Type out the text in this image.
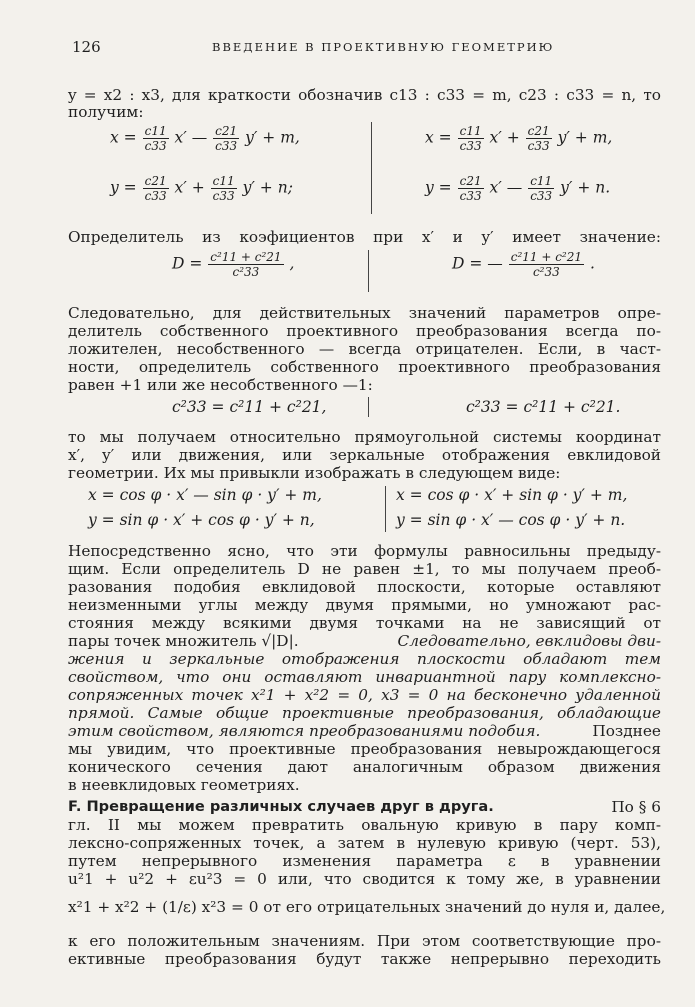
126	ВВЕДЕНИЕ В ПРОЕКТИВНУЮ ГЕОМЕТРИЮ
y = x2 : x3, для краткости обозначив c13 : c33 = m, c23 : c33 = n, то
получим:
$x = \frac{c11}{c33} x'$ — $\frac{c21}{c33} y' + m$,
$y = \frac{c21}{c33} x' + \frac{c11}{c33} y' + n$;
$x = \frac{c11}{c33} x' + \frac{c21}{c33} y' + m$,
$y = \frac{c21}{c33} x'$ — $\frac{c11}{c33} y' + n$.
Определитель из коэфициентов при x′ и y′ имеет значение:
$D = \frac{\text{c²11 + c²21}}{\text{c²33}}$ ,	D = — $\frac{\text{c²11 + c²21}}{\text{c²33}}$ .
Следовательно, для действительных значений параметров опре-
делитель собственного проективного преобразования всегда по-
ложителен, несобственного — всегда отрицателен. Если, в част-
ности, определитель собственного проективного преобразования
равен +1 или же несобственного —1:
c²33 = c²11 + c²21,	c²33 = c²11 + c²21.
то мы получаем относительно прямоугольной системы координат
x′, y′ или движения, или зеркальные отображения евклидовой
геометрии. Их мы привыкли изображать в следующем виде:
x = cos φ · x′ — sin φ · y′ + m,
y = sin φ · x′ + cos φ · y′ + n,
x = cos φ · x′ + sin φ · y′ + m,
y = sin φ · x′ — cos φ · y′ + n.
Непосредственно ясно, что эти формулы равносильны предыду-
щим. Если определитель D не равен ±1, то мы получаем преоб-
разования подобия евклидовой плоскости, которые оставляют
неизменными углы между двумя прямыми, но умножают рас-
стояния между всякими двумя точками на не зависящий от
пары точек множитель √|D|.	Следовательно, евклидовы дви-
жения и зеркальные отображения плоскости обладают тем
свойством, что они оставляют инвариантной пару комплексно-
сопряженных точек x²1 + x²2 = 0, x3 = 0 на бесконечно удаленной
прямой. Самые общие проективные преобразования, обладающие
этим свойством, являются преобразованиями подобия.	Позднее
мы увидим, что проективные преобразования невырождающегося
конического сечения дают аналогичным образом движения
в неевклидовых геометриях.
F. Превращение различных случаев друг в друга.	По § 6
гл. II мы можем превратить овальную кривую в пару комп-
лексно-сопряженных точек, а затем в нулевую кривую (черт. 53),
путем непрерывного изменения параметра ε в уравнении
u²1 + u²2 + εu²3 = 0 или, что сводится к тому же, в уравнении
x²1 + x²2 + (1/ε) x²3 = 0 от его отрицательных значений до нуля и, далее,
к его положительным значениям. При этом соответствующие про-
ективные преобразования будут также непрерывно переходить
